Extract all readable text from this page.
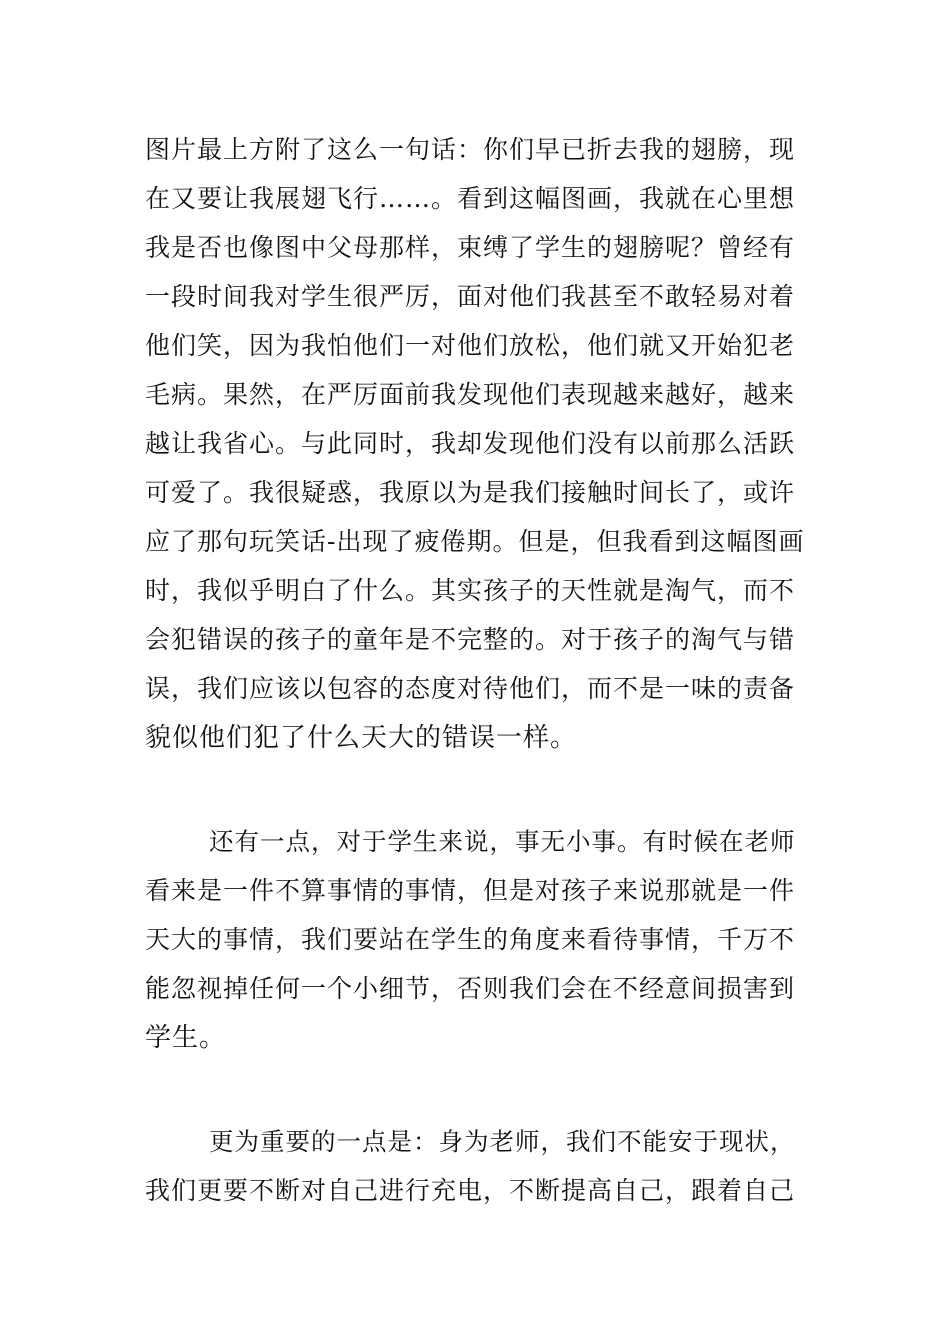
图片最上方附了这么一句话：你们早已折去我的翅膀，现
在又要让我展翅飞行……。看到这幅图画，我就在心里想
我是否也像图中父母那样，束缚了学生的翅膀呢？曾经有
一段时间我对学生很严厉，面对他们我甚至不敢轻易对着
他们笑，因为我怕他们一对他们放松，他们就又开始犯老
毛病。果然，在严厉面前我发现他们表现越来越好，越来
越让我省心。与此同时，我却发现他们没有以前那么活跃
可爱了。我很疑惑，我原以为是我们接触时间长了，或许
应了那句玩笑话-出现了疲倦期。但是，但我看到这幅图画
时，我似乎明白了什么。其实孩子的天性就是淘气，而不
会犯错误的孩子的童年是不完整的。对于孩子的淘气与错
误，我们应该以包容的态度对待他们，而不是一味的责备
貌似他们犯了什么天大的错误一样。
还有一点，对于学生来说，事无小事。有时候在老师
看来是一件不算事情的事情，但是对孩子来说那就是一件
天大的事情，我们要站在学生的角度来看待事情，千万不
能忽视掉任何一个小细节，否则我们会在不经意间损害到
学生。
更为重要的一点是：身为老师，我们不能安于现状，
我们更要不断对自己进行充电，不断提高自己，跟着自己
